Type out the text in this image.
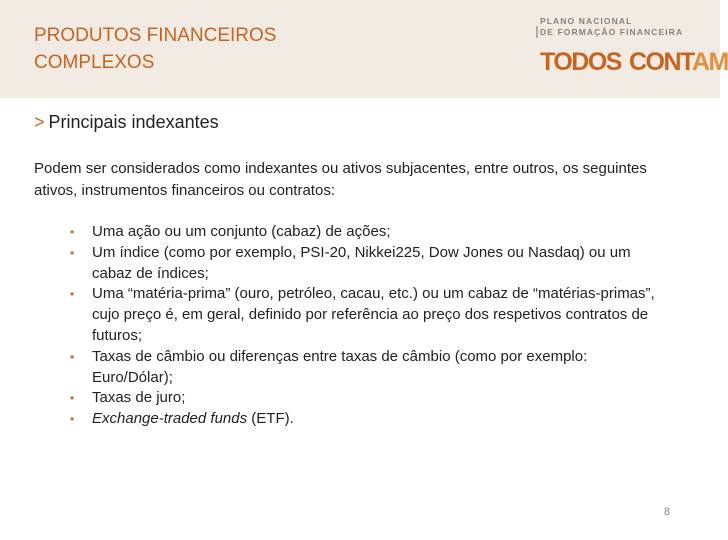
PRODUTOS FINANCEIROS
COMPLEXOS
PLANO NACIONAL
DE FORMAÇÃO FINANCEIRA
TODOS CONTAM
> Principais indexantes

Podem ser considerados como indexantes ou ativos subjacentes, entre outros, os seguintes ativos, instrumentos financeiros ou contratos:

• Uma ação ou um conjunto (cabaz) de ações;
• Um índice (como por exemplo, PSI-20, Nikkei225, Dow Jones ou Nasdaq) ou um cabaz de índices;
• Uma “matéria-prima” (ouro, petróleo, cacau, etc.) ou um cabaz de “matérias-primas”, cujo preço é, em geral, definido por referência ao preço dos respetivos contratos de futuros;
• Taxas de câmbio ou diferenças entre taxas de câmbio (como por exemplo: Euro/Dólar);
• Taxas de juro;
• Exchange-traded funds (ETF).
8
